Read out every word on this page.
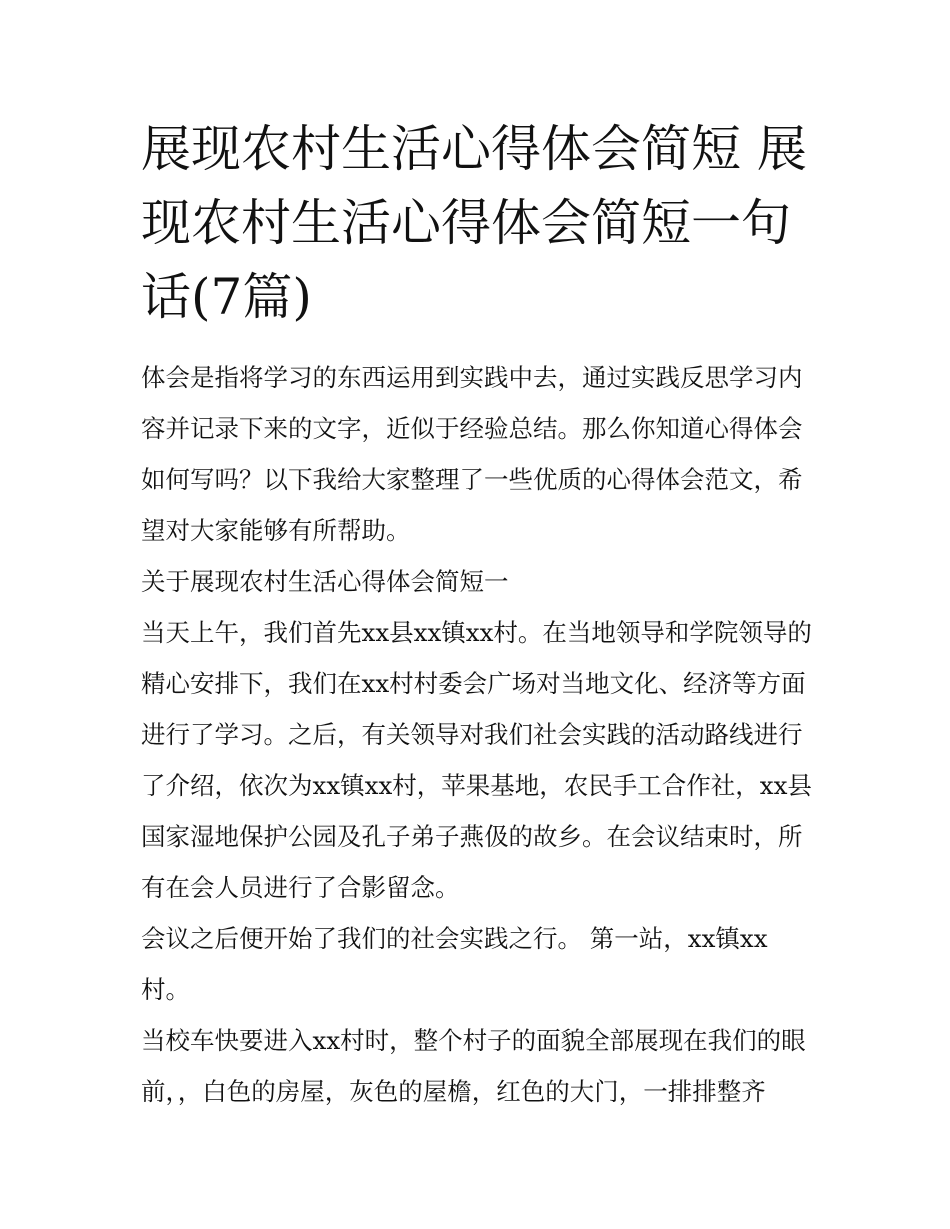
展现农村生活心得体会简短 展现农村生活心得体会简短一句话(7篇)

体会是指将学习的东西运用到实践中去，通过实践反思学习内容并记录下来的文字，近似于经验总结。那么你知道心得体会如何写吗？以下我给大家整理了一些优质的心得体会范文，希望对大家能够有所帮助。

关于展现农村生活心得体会简短一

当天上午，我们首先xx县xx镇xx村。在当地领导和学院领导的精心安排下，我们在xx村村委会广场对当地文化、经济等方面进行了学习。之后，有关领导对我们社会实践的活动路线进行了介绍，依次为xx镇xx村，苹果基地，农民手工合作社，xx县国家湿地保护公园及孔子弟子燕伋的故乡。在会议结束时，所有在会人员进行了合影留念。

会议之后便开始了我们的社会实践之行。 第一站，xx镇xx村。

当校车快要进入xx村时，整个村子的面貌全部展现在我们的眼前，，白色的房屋，灰色的屋檐，红色的大门，一排排整齐
